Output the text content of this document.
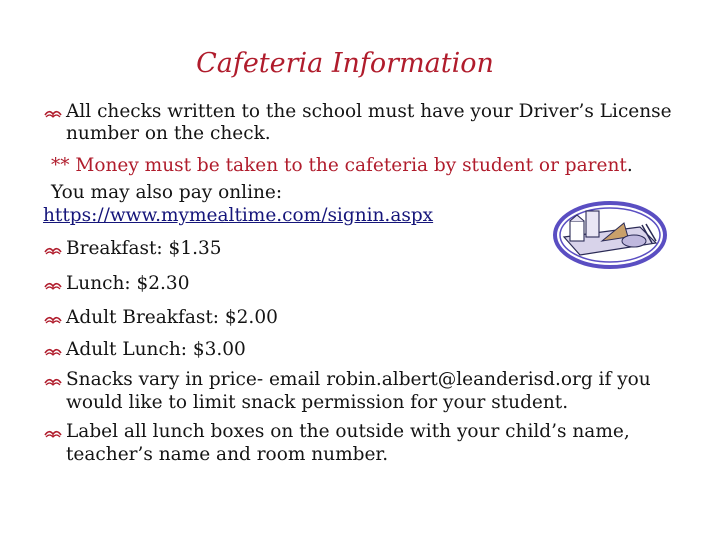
Cafeteria Information
All checks written to the school must have your Driver’s License
number on the check.
** Money must be taken to the cafeteria by student or parent.
You may also pay online:
https://www.mymealtime.com/signin.aspx
Breakfast: $1.35
Lunch: $2.30
Adult Breakfast: $2.00
Adult Lunch: $3.00
Snacks vary in price- email robin.albert@leanderisd.org if you
would like to limit snack permission for your student.
Label all lunch boxes on the outside with your child’s name,
teacher’s name and room number.
